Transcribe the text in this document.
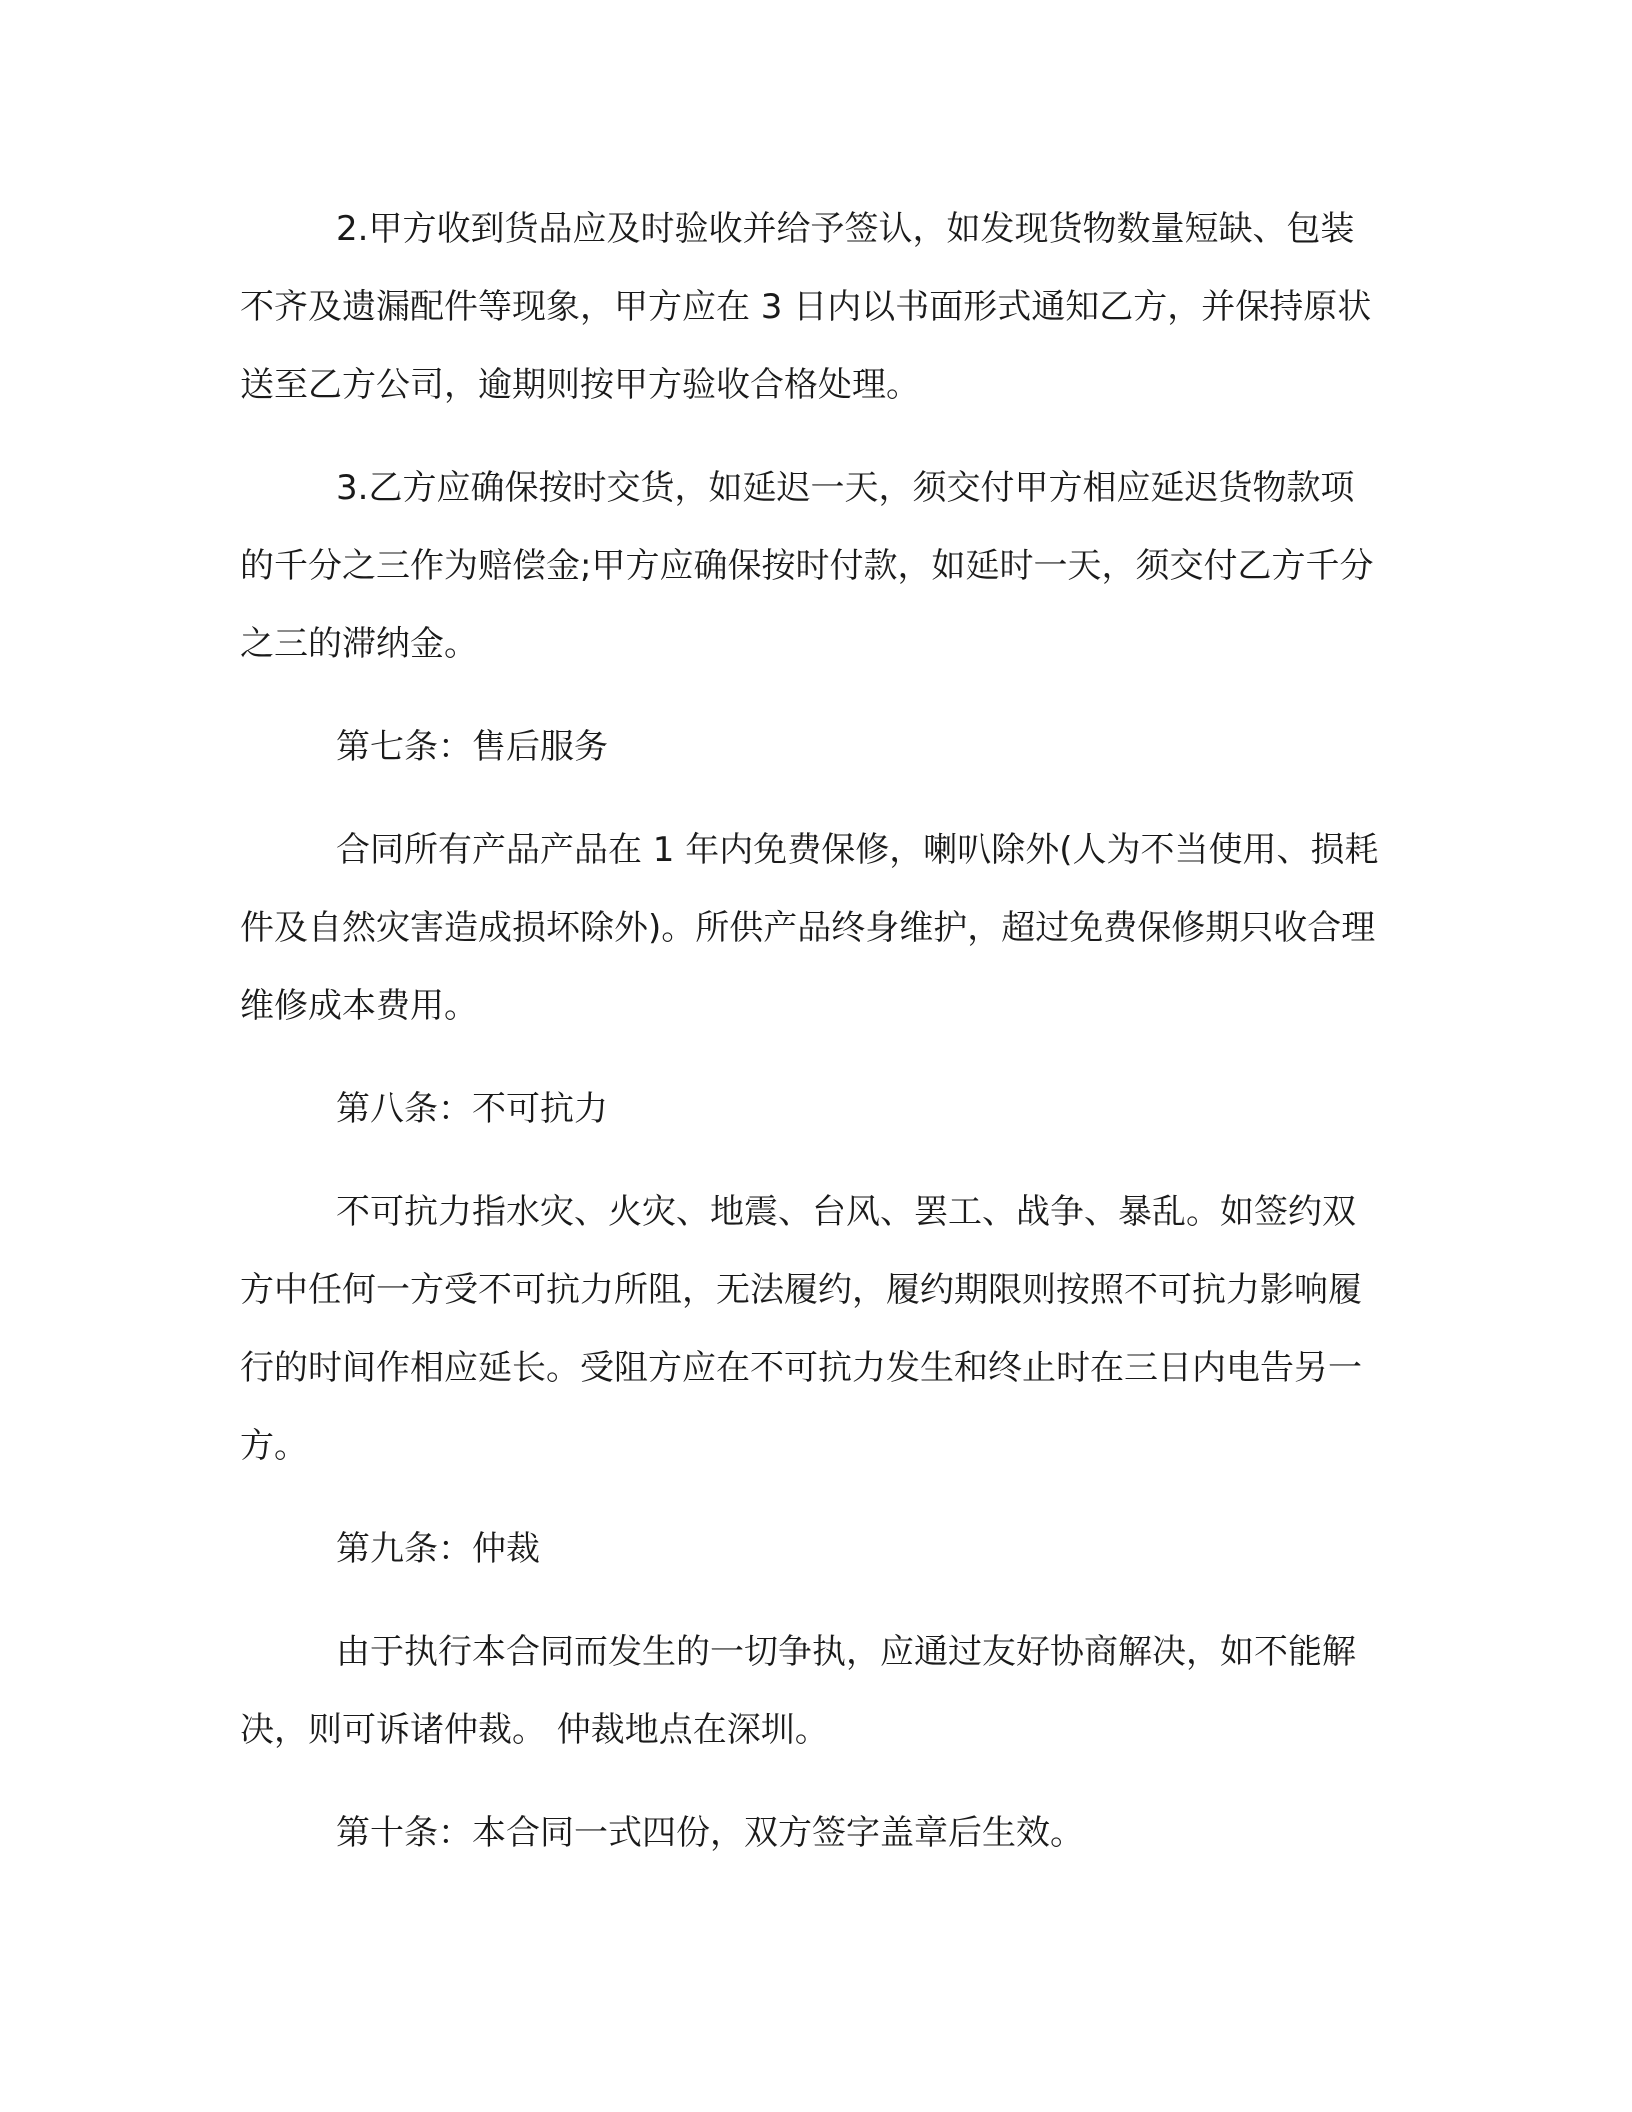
2.甲方收到货品应及时验收并给予签认，如发现货物数量短缺、包装不齐及遗漏配件等现象，甲方应在 3 日内以书面形式通知乙方，并保持原状送至乙方公司，逾期则按甲方验收合格处理。

3.乙方应确保按时交货，如延迟一天，须交付甲方相应延迟货物款项的千分之三作为赔偿金;甲方应确保按时付款，如延时一天，须交付乙方千分之三的滞纳金。

第七条：售后服务

合同所有产品产品在 1 年内免费保修，喇叭除外(人为不当使用、损耗件及自然灾害造成损坏除外)。所供产品终身维护，超过免费保修期只收合理维修成本费用。

第八条：不可抗力

不可抗力指水灾、火灾、地震、台风、罢工、战争、暴乱。如签约双方中任何一方受不可抗力所阻，无法履约，履约期限则按照不可抗力影响履行的时间作相应延长。受阻方应在不可抗力发生和终止时在三日内电告另一方。

第九条：仲裁

由于执行本合同而发生的一切争执，应通过友好协商解决，如不能解决，则可诉诸仲裁。 仲裁地点在深圳。

第十条：本合同一式四份，双方签字盖章后生效。
